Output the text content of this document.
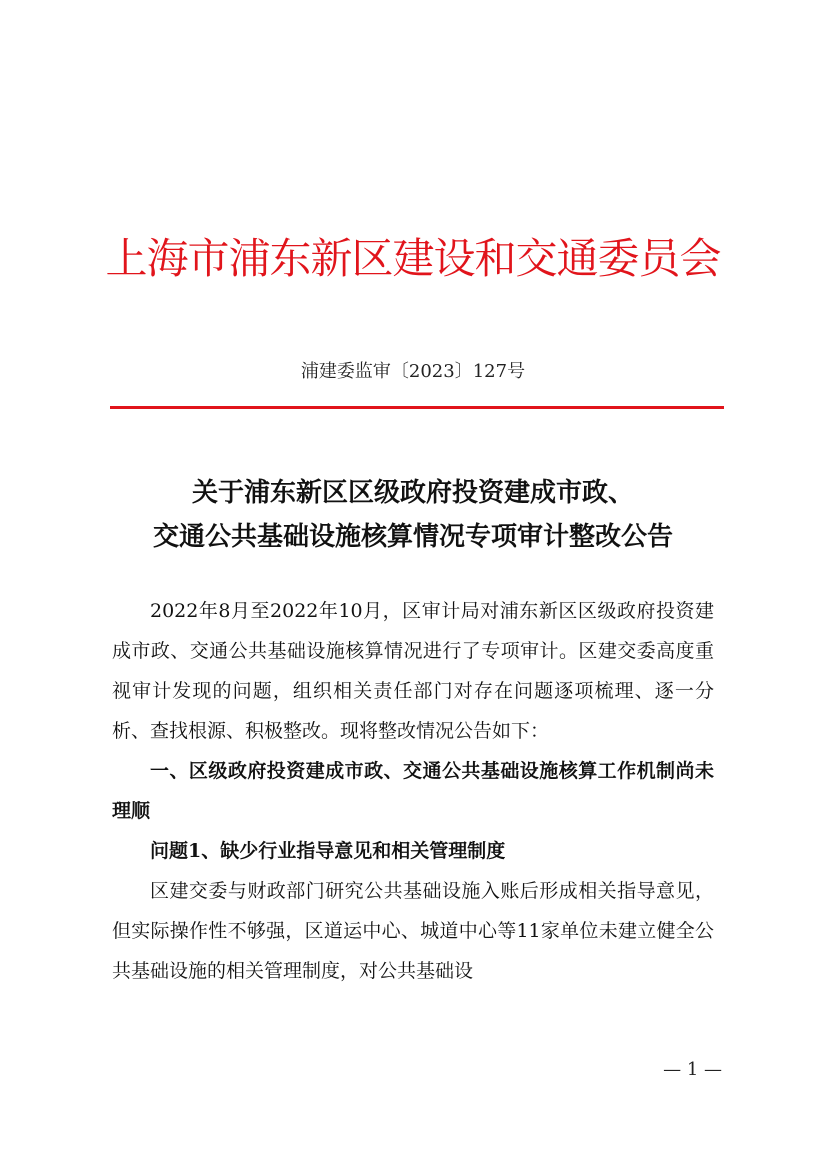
上海市浦东新区建设和交通委员会
浦建委监审〔2023〕127号
关于浦东新区区级政府投资建成市政、
交通公共基础设施核算情况专项审计整改公告

2022年8月至2022年10月，区审计局对浦东新区区级政府投资建成市政、交通公共基础设施核算情况进行了专项审计。区建交委高度重视审计发现的问题，组织相关责任部门对存在问题逐项梳理、逐一分析、查找根源、积极整改。现将整改情况公告如下：

一、区级政府投资建成市政、交通公共基础设施核算工作机制尚未理顺

问题1、缺少行业指导意见和相关管理制度

区建交委与财政部门研究公共基础设施入账后形成相关指导意见，但实际操作性不够强，区道运中心、城道中心等11家单位未建立健全公共基础设施的相关管理制度，对公共基础设

— 1 —
